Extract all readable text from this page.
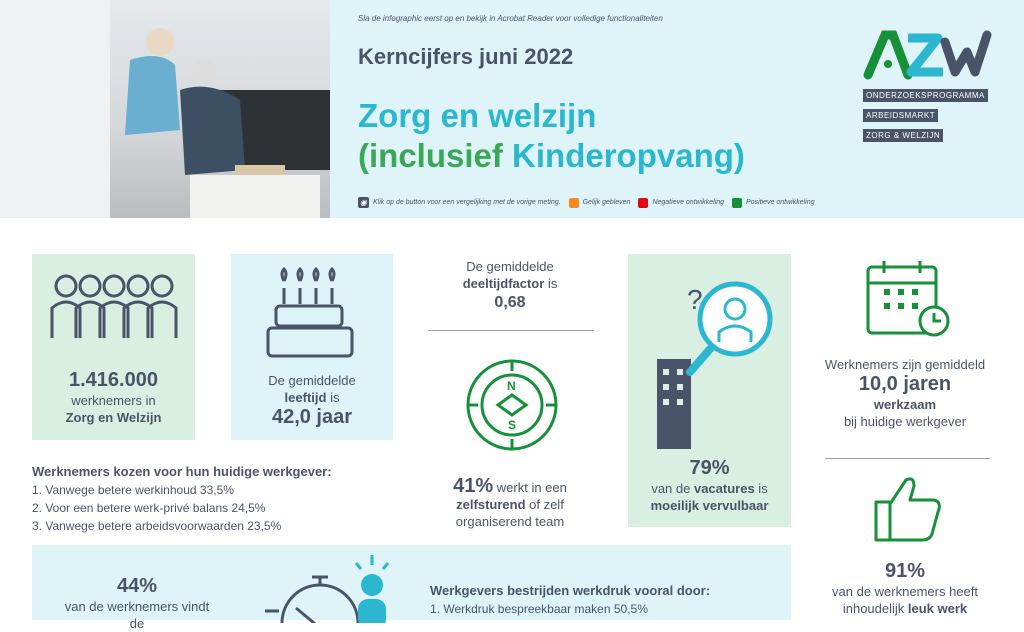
Sla de infographic eerst op en bekijk in Acrobat Reader voor volledige functionaliteiten
Kerncijfers juni 2022
Zorg en welzijn
(inclusief Kinderopvang)
◉ Klik op de button voor een vergelijking met de vorige meting.	Gelijk gebleven	Negatieve ontwikkeling	Positieve ontwikkeling
ONDERZOEKSPROGRAMMA
ARBEIDSMARKT
ZORG & WELZIJN
1.416.000
werknemers in
Zorg en Welzijn
De gemiddelde
leeftijd is
42,0 jaar
De gemiddelde
deeltijdfactor is
0,68
N
S
41% werkt in een
zelfsturend of zelf
organiserend team
?
79%
van de vacatures is
moeilijk vervulbaar
Werknemers zijn gemiddeld
10,0 jaren
werkzaam
bij huidige werkgever
91%
van de werknemers heeft
inhoudelijk leuk werk
Werknemers kozen voor hun huidige werkgever:
1. Vanwege betere werkinhoud 33,5%
2. Voor een betere werk-privé balans 24,5%
3. Vanwege betere arbeidsvoorwaarden 23,5%
44%
van de werknemers vindt de
Werkgevers bestrijden werkdruk vooral door:
1. Werkdruk bespreekbaar maken 50,5%
